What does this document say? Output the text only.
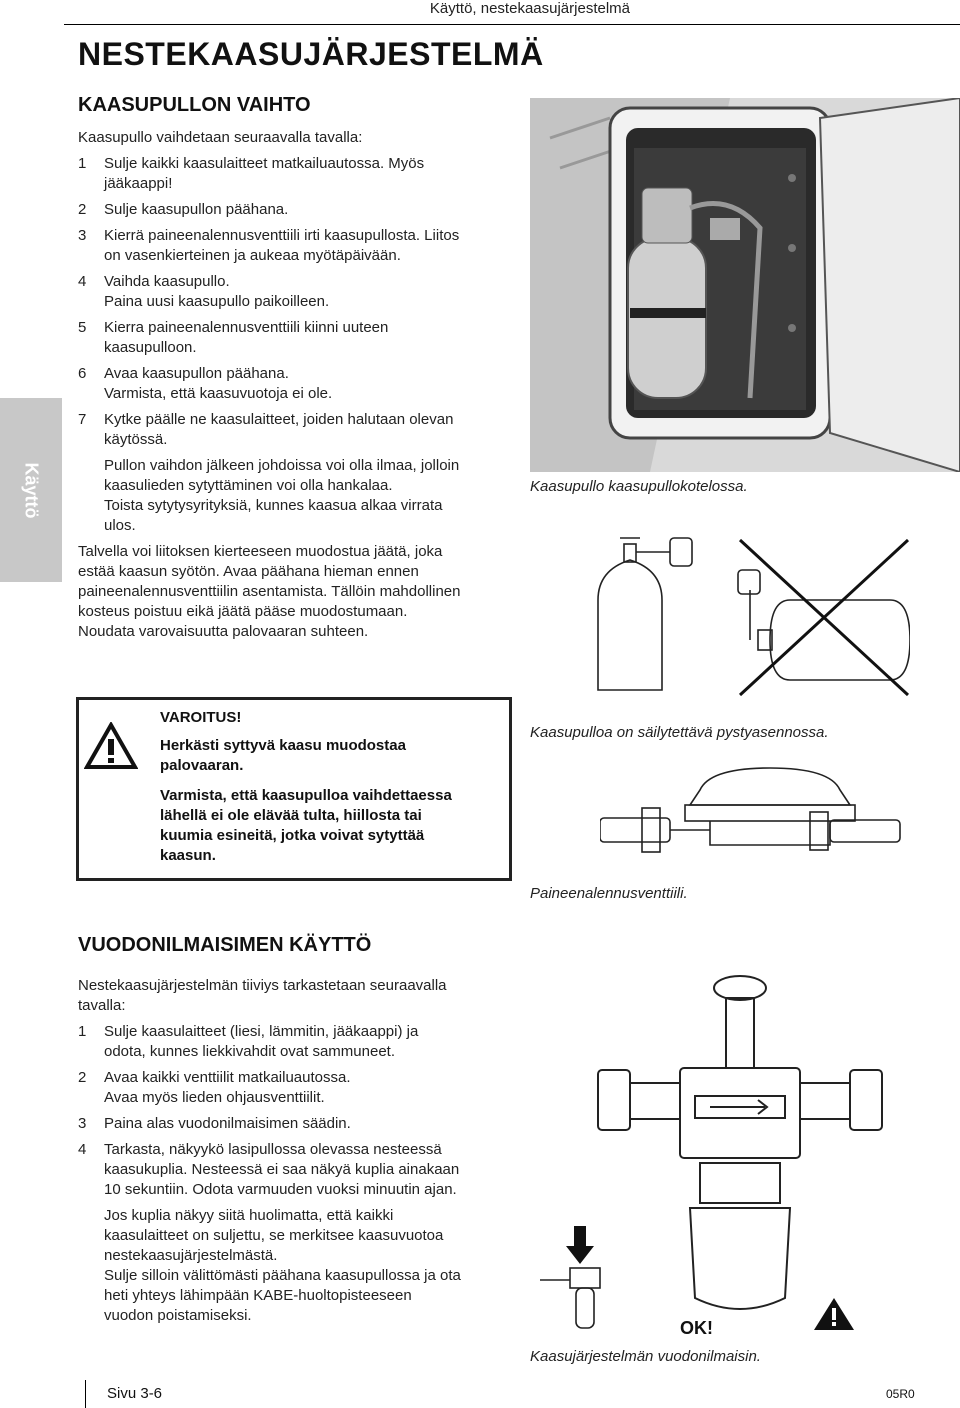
Käyttö, nestekaasujärjestelmä
Käyttö
NESTEKAASUJÄRJESTELMÄ
KAASUPULLON VAIHTO
Kaasupullo vaihdetaan seuraavalla tavalla:
1	Sulje kaikki kaasulaitteet matkailuautossa. Myös
jääkaappi!
2	Sulje kaasupullon päähana.
3	Kierrä paineenalennusventtiili irti kaasupullosta. Liitos
on vasenkierteinen ja aukeaa myötäpäivään.
4	Vaihda kaasupullo.
Paina uusi kaasupullo paikoilleen.
5	Kierra paineenalennusventtiili kiinni uuteen
kaasupulloon.
6	Avaa kaasupullon päähana.
Varmista, että kaasuvuotoja ei ole.
7	Kytke päälle ne kaasulaitteet, joiden halutaan olevan
käytössä.
Pullon vaihdon jälkeen johdoissa voi olla ilmaa, jolloin
kaasulieden sytyttäminen voi olla hankalaa.
Toista sytytysyrityksiä, kunnes kaasua alkaa virrata
ulos.
Talvella voi liitoksen kierteeseen muodostua jäätä, joka
estää kaasun syötön. Avaa päähana hieman ennen
paineenalennusventtiilin asentamista. Tällöin mahdollinen
kosteus poistuu eikä jäätä pääse muodostumaan.
Noudata varovaisuutta palovaaran suhteen.
Kaasupullo kaasupullokotelossa.
VAROITUS!
Herkästi syttyvä kaasu muodostaa
palovaaran.
Varmista, että kaasupulloa vaihdettaessa
lähellä ei ole elävää tulta, hiillosta tai
kuumia esineitä, jotka voivat sytyttää
kaasun.
Kaasupulloa on säilytettävä pystyasennossa.
Paineenalennusventtiili.
VUODONILMAISIMEN KÄYTTÖ
Nestekaasujärjestelmän tiiviys tarkastetaan seuraavalla
tavalla:
1	Sulje kaasulaitteet (liesi, lämmitin, jääkaappi) ja
odota, kunnes liekkivahdit ovat sammuneet.
2	Avaa kaikki venttiilit matkailuautossa.
Avaa myös lieden ohjausventtiilit.
3	Paina alas vuodonilmaisimen säädin.
4	Tarkasta, näkyykö lasipullossa olevassa nesteessä
kaasukuplia. Nesteessä ei saa näkyä kuplia ainakaan
10 sekuntiin. Odota varmuuden vuoksi minuutin ajan.
Jos kuplia näkyy siitä huolimatta, että kaikki
kaasulaitteet on suljettu, se merkitsee kaasuvuotoa
nestekaasujärjestelmästä.
Sulje silloin välittömästi päähana kaasupullossa ja ota
heti yhteys lähimpään KABE-huoltopisteeseen
vuodon poistamiseksi.
OK!
Kaasujärjestelmän vuodonilmaisin.
Sivu 3-6	05R0
